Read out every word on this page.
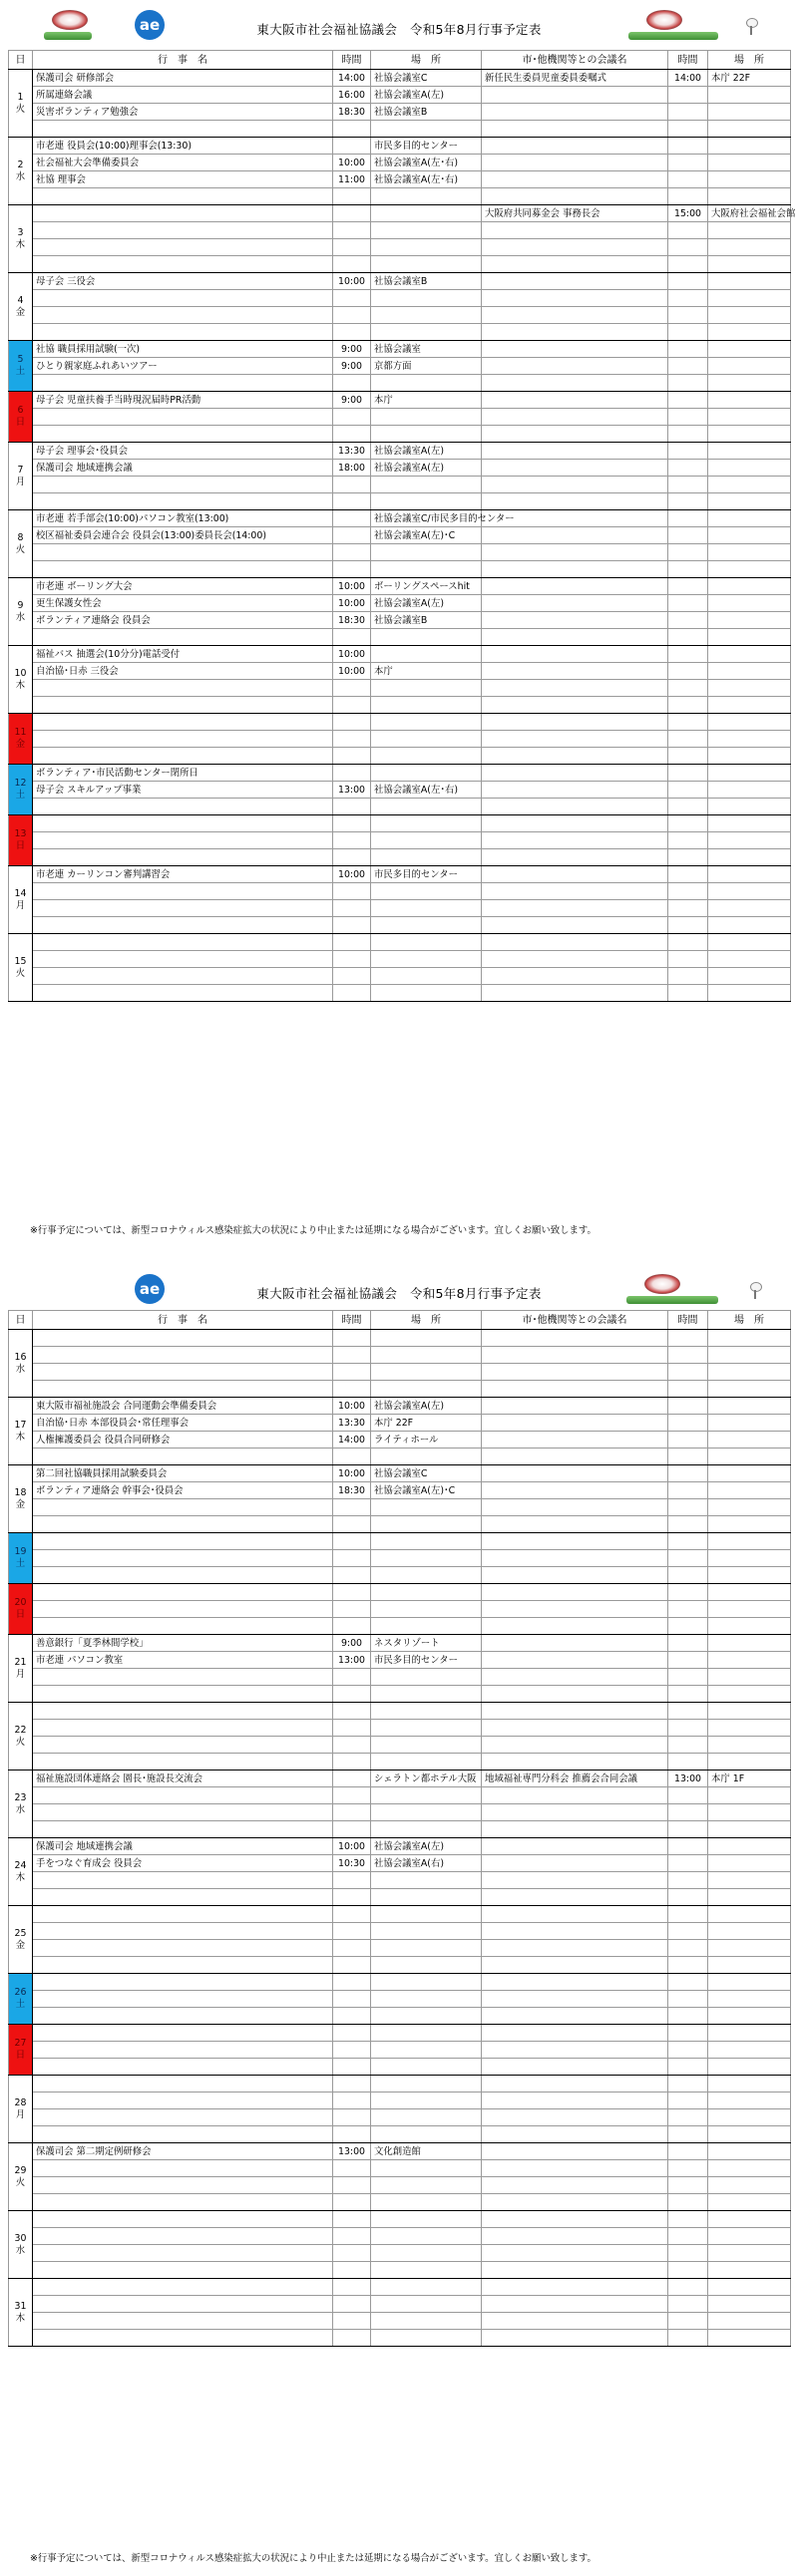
ae	東大阪市社会福祉協議会　令和5年8月行事予定表
日	行　事　名	時間	場　所	市･他機関等との会議名	時間	場　所

1
火	保護司会 研修部会	14:00	社協会議室C	新任民生委員児童委員委嘱式	14:00	本庁 22F
	所属連絡会議	16:00	社協会議室A(左)			
	災害ボランティア勉強会	18:30	社協会議室B			

2
水	市老連 役員会(10:00)理事会(13:30)		市民多目的センター			
	社会福祉大会準備委員会	10:00	社協会議室A(左･右)			
	社協 理事会	11:00	社協会議室A(左･右)			

3
木				大阪府共同募金会 事務長会	15:00	大阪府社会福祉会館

4
金	母子会 三役会	10:00	社協会議室B			

5
土	社協 職員採用試験(一次)	9:00	社協会議室			
	ひとり親家庭ふれあいツアー	9:00	京都方面			

6
日	母子会 児童扶養手当時現況届時PR活動	9:00	本庁			

7
月	母子会 理事会･役員会	13:30	社協会議室A(左)			
	保護司会 地域連携会議	18:00	社協会議室A(左)			

8
火	市老連 若手部会(10:00)パソコン教室(13:00)		社協会議室C/市民多目的センター			
	校区福祉委員会連合会 役員会(13:00)委員長会(14:00)		社協会議室A(左)･C			

9
水	市老連 ボーリング大会	10:00	ボーリングスペースhit			
	更生保護女性会	10:00	社協会議室A(左)			
	ボランティア連絡会 役員会	18:30	社協会議室B			

10
木	福祉バス 抽選会(10分分)電話受付	10:00				
	自治協･日赤 三役会	10:00	本庁			

11
金						

12
土	ボランティア･市民活動センター閉所日					
	母子会 スキルアップ事業	13:00	社協会議室A(左･右)			

13
日						

14
月	市老連 カーリンコン審判講習会	10:00	市民多目的センター			

15
火						

※行事予定については、新型コロナウィルス感染症拡大の状況により中止または延期になる場合がございます。宜しくお願い致します。
ae	東大阪市社会福祉協議会　令和5年8月行事予定表
日	行　事　名	時間	場　所	市･他機関等との会議名	時間	場　所

16
水						

17
木	東大阪市福祉施設会 合同運動会準備委員会	10:00	社協会議室A(左)			
	自治協･日赤 本部役員会･常任理事会	13:30	本庁 22F			
	人権擁護委員会 役員合同研修会	14:00	ライティホール			

18
金	第二回社協職員採用試験委員会	10:00	社協会議室C			
	ボランティア連絡会 幹事会･役員会	18:30	社協会議室A(左)･C			

19
土						

20
日						

21
月	善意銀行「夏季林間学校」	9:00	ネスタリゾート			
	市老連 パソコン教室	13:00	市民多目的センター			

22
火						

23
水	福祉施設団体連絡会 園長･施設長交流会		シェラトン都ホテル大阪	地域福祉専門分科会 推薦会合同会議	13:00	本庁 1F

24
木	保護司会 地域連携会議	10:00	社協会議室A(左)			
	手をつなぐ育成会 役員会	10:30	社協会議室A(右)			

25
金						

26
土						

27
日						

28
月						

29
火	保護司会 第二期定例研修会	13:00	文化創造館			

30
水						

31
木						

※行事予定については、新型コロナウィルス感染症拡大の状況により中止または延期になる場合がございます。宜しくお願い致します。
